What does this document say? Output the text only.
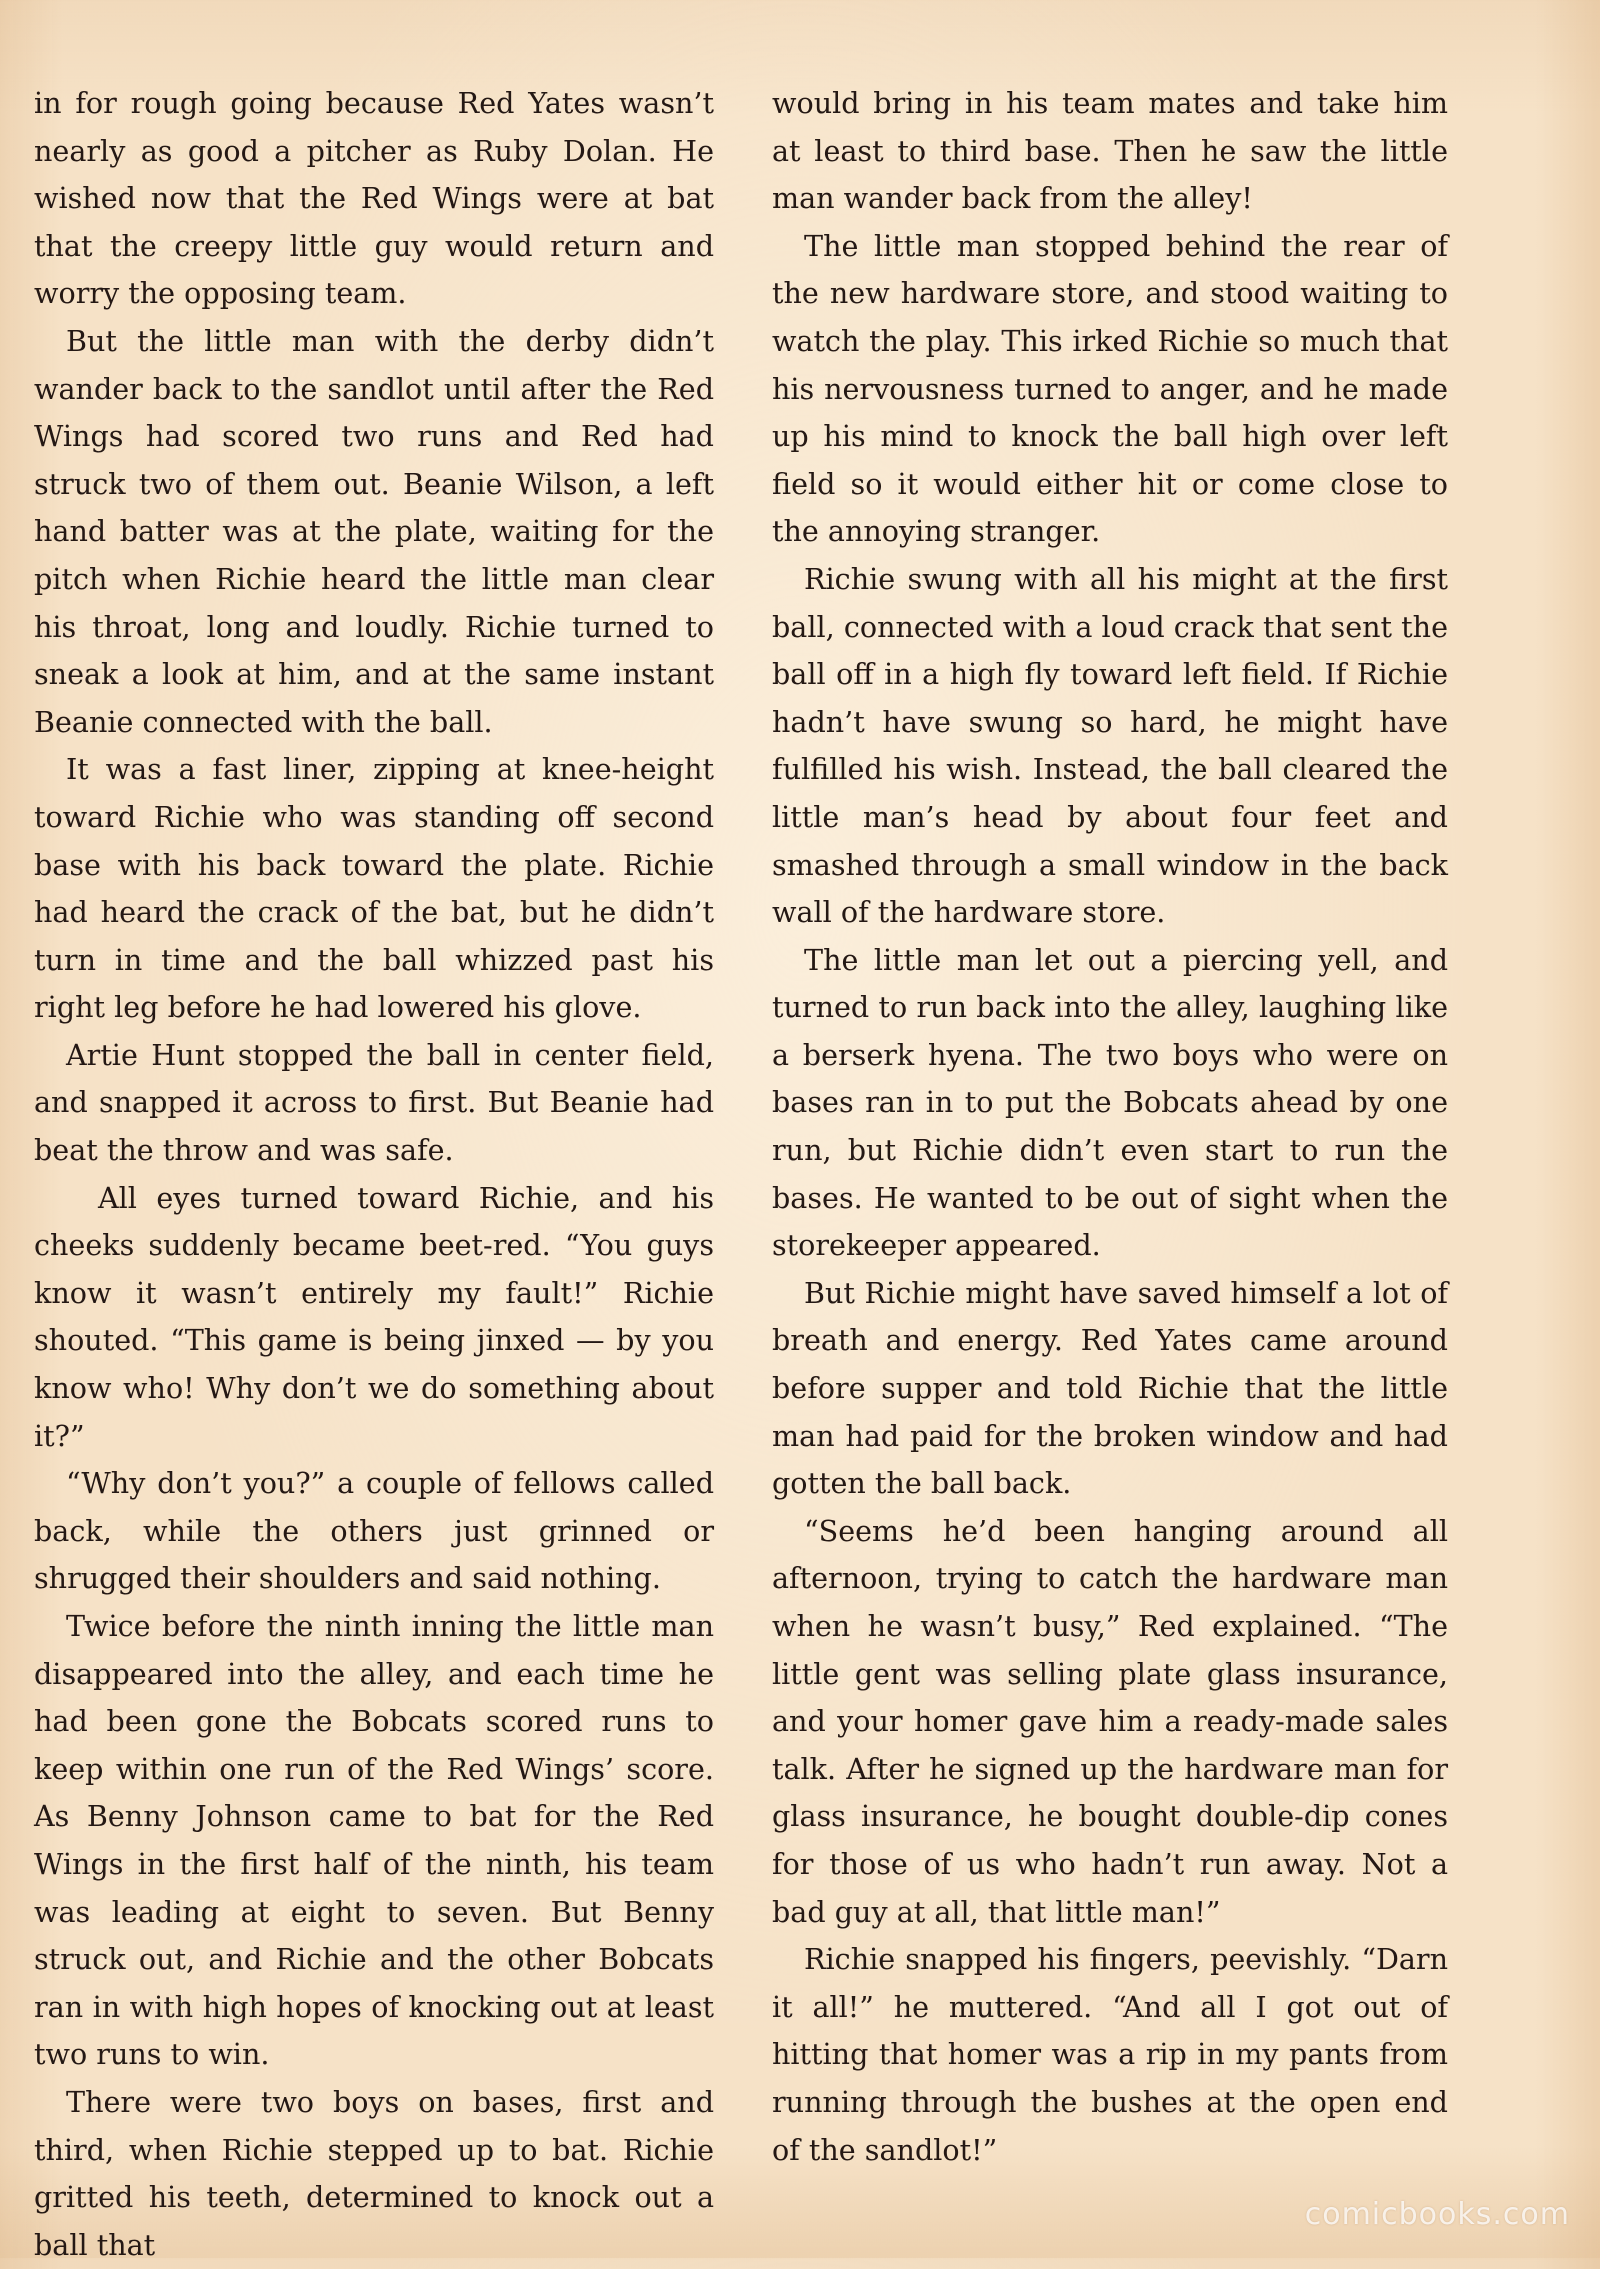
in for rough going because Red Yates wasn’t nearly as good a pitcher as Ruby Dolan. He wished now that the Red Wings were at bat that the creepy little guy would return and worry the opposing team.

But the little man with the derby didn’t wander back to the sandlot until after the Red Wings had scored two runs and Red had struck two of them out. Beanie Wilson, a left hand batter was at the plate, waiting for the pitch when Richie heard the little man clear his throat, long and loudly. Richie turned to sneak a look at him, and at the same instant Beanie connected with the ball.

It was a fast liner, zipping at knee-height toward Richie who was standing off second base with his back toward the plate. Richie had heard the crack of the bat, but he didn’t turn in time and the ball whizzed past his right leg before he had lowered his glove.

Artie Hunt stopped the ball in center field, and snapped it across to first. But Beanie had beat the throw and was safe.

All eyes turned toward Richie, and his cheeks suddenly became beet-red. “You guys know it wasn’t entirely my fault!” Richie shouted. “This game is being jinxed — by you know who! Why don’t we do something about it?”

“Why don’t you?” a couple of fellows called back, while the others just grinned or shrugged their shoulders and said nothing.

Twice before the ninth inning the little man disappeared into the alley, and each time he had been gone the Bobcats scored runs to keep within one run of the Red Wings’ score. As Benny Johnson came to bat for the Red Wings in the first half of the ninth, his team was leading at eight to seven. But Benny struck out, and Richie and the other Bobcats ran in with high hopes of knocking out at least two runs to win.

There were two boys on bases, first and third, when Richie stepped up to bat. Richie gritted his teeth, determined to knock out a ball that

would bring in his team mates and take him at least to third base. Then he saw the little man wander back from the alley!

The little man stopped behind the rear of the new hardware store, and stood waiting to watch the play. This irked Richie so much that his nervousness turned to anger, and he made up his mind to knock the ball high over left field so it would either hit or come close to the annoying stranger.

Richie swung with all his might at the first ball, connected with a loud crack that sent the ball off in a high fly toward left field. If Richie hadn’t have swung so hard, he might have fulfilled his wish. Instead, the ball cleared the little man’s head by about four feet and smashed through a small window in the back wall of the hardware store.

The little man let out a piercing yell, and turned to run back into the alley, laughing like a berserk hyena. The two boys who were on bases ran in to put the Bobcats ahead by one run, but Richie didn’t even start to run the bases. He wanted to be out of sight when the storekeeper appeared.

But Richie might have saved himself a lot of breath and energy. Red Yates came around before supper and told Richie that the little man had paid for the broken window and had gotten the ball back.

“Seems he’d been hanging around all afternoon, trying to catch the hardware man when he wasn’t busy,” Red explained. “The little gent was selling plate glass insurance, and your homer gave him a ready-made sales talk. After he signed up the hardware man for glass insurance, he bought double-dip cones for those of us who hadn’t run away. Not a bad guy at all, that little man!”

Richie snapped his fingers, peevishly. “Darn it all!” he muttered. “And all I got out of hitting that homer was a rip in my pants from running through the bushes at the open end of the sandlot!”

comicbooks.com
